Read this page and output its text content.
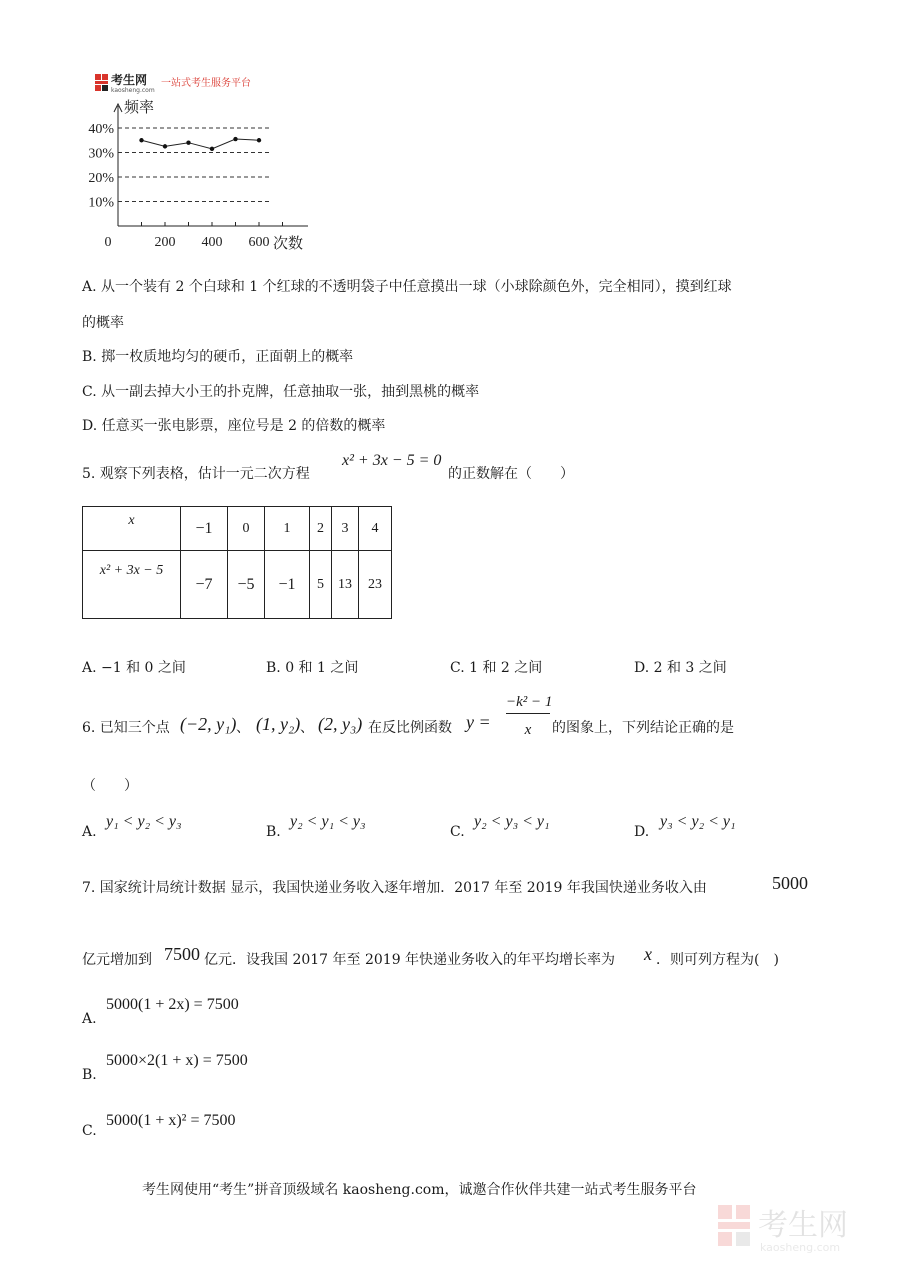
考生网
kaosheng.com
一站式考生服务平台
频率
10%
20%
30%
40%
0	200 400 600 次数
A. 从一个装有 2 个白球和 1 个红球的不透明袋子中任意摸出一球（小球除颜色外，完全相同），摸到红球
的概率
B. 掷一枚质地均匀的硬币，正面朝上的概率
C. 从一副去掉大小王的扑克牌，任意抽取一张，抽到黑桃的概率
D. 任意买一张电影票，座位号是 2 的倍数的概率
5. 观察下列表格，估计一元二次方程
x² + 3x − 5 = 0
的正数解在（　　）
x	−1	0	1	2	3	4
x² + 3x − 5	−7	−5	−1	5	13	23
A. −1 和 0 之间	B. 0 和 1 之间	C. 1 和 2 之间	D. 2 和 3 之间
6. 已知三个点 (−2, y₁) 、 (1, y₂) 、 (2, y₃) 在反比例函数 y =
−k² − 1
x	的图象上，下列结论正确的是
（　　）
A.
y₁ < y₂ < y₃
B.
y₂ < y₁ < y₃
C.
y₂ < y₃ < y₁
D.
y₃ < y₂ < y₁
7. 国家统计局统计数据 显示，我国快递业务收入逐年增加．2017 年至 2019 年我国快递业务收入由	5000
亿元增加到 7500 亿元．设我国 2017 年至 2019 年快递业务收入的年平均增长率为 x ．则可列方程为(　)
A.
5000(1 + 2x) = 7500
B.
5000×2(1 + x) = 7500
C.
5000(1 + x)² = 7500
考生网使用“考生”拼音顶级域名 kaosheng.com，诚邀合作伙伴共建一站式考生服务平台
考生网
kaosheng.com
